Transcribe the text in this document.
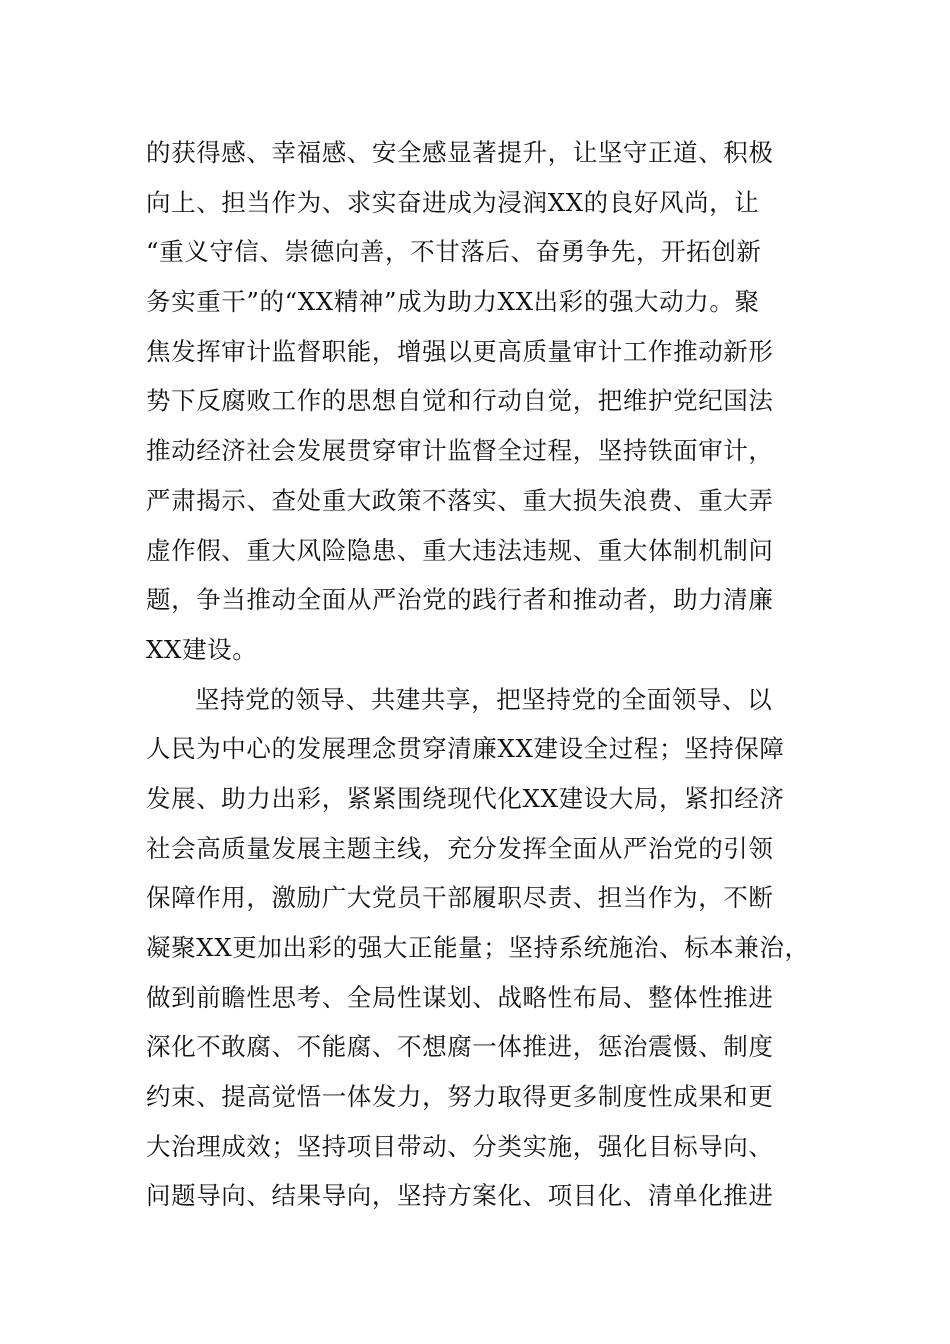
的获得感、幸福感、安全感显著提升，让坚守正道、积极
向上、担当作为、求实奋进成为浸润XX的良好风尚，让
“重义守信、崇德向善，不甘落后、奋勇争先，开拓创新
务实重干”的“XX精神”成为助力XX出彩的强大动力。聚
焦发挥审计监督职能，增强以更高质量审计工作推动新形
势下反腐败工作的思想自觉和行动自觉，把维护党纪国法
推动经济社会发展贯穿审计监督全过程，坚持铁面审计，
严肃揭示、查处重大政策不落实、重大损失浪费、重大弄
虚作假、重大风险隐患、重大违法违规、重大体制机制问
题，争当推动全面从严治党的践行者和推动者，助力清廉
XX建设。
坚持党的领导、共建共享，把坚持党的全面领导、以
人民为中心的发展理念贯穿清廉XX建设全过程；坚持保障
发展、助力出彩，紧紧围绕现代化XX建设大局，紧扣经济
社会高质量发展主题主线，充分发挥全面从严治党的引领
保障作用，激励广大党员干部履职尽责、担当作为，不断
凝聚XX更加出彩的强大正能量；坚持系统施治、标本兼治，
做到前瞻性思考、全局性谋划、战略性布局、整体性推进
深化不敢腐、不能腐、不想腐一体推进，惩治震慑、制度
约束、提高觉悟一体发力，努力取得更多制度性成果和更
大治理成效；坚持项目带动、分类实施，强化目标导向、
问题导向、结果导向，坚持方案化、项目化、清单化推进
